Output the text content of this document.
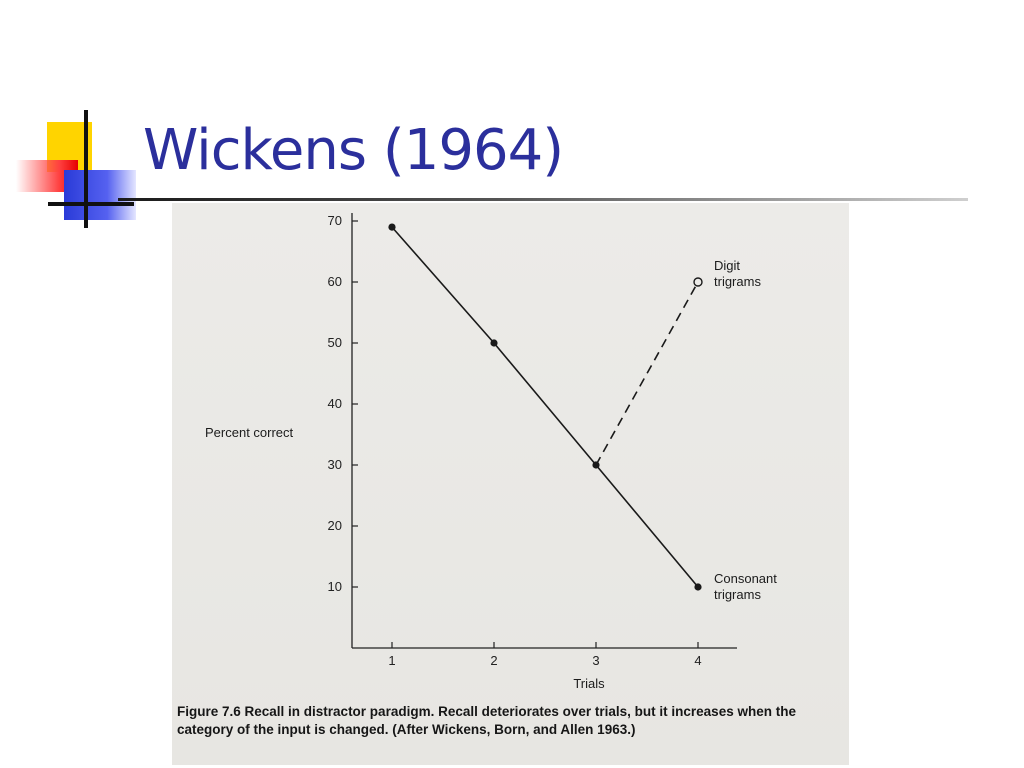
Wickens (1964)
10
20
30
40
50
60
70
1	2	3	4
Trials
Percent correct
Consonant
trigrams
Digit
trigrams

Figure 7.6 Recall in distractor paradigm. Recall deteriorates over trials, but it increases when the category of the input is changed. (After Wickens, Born, and Allen 1963.)
